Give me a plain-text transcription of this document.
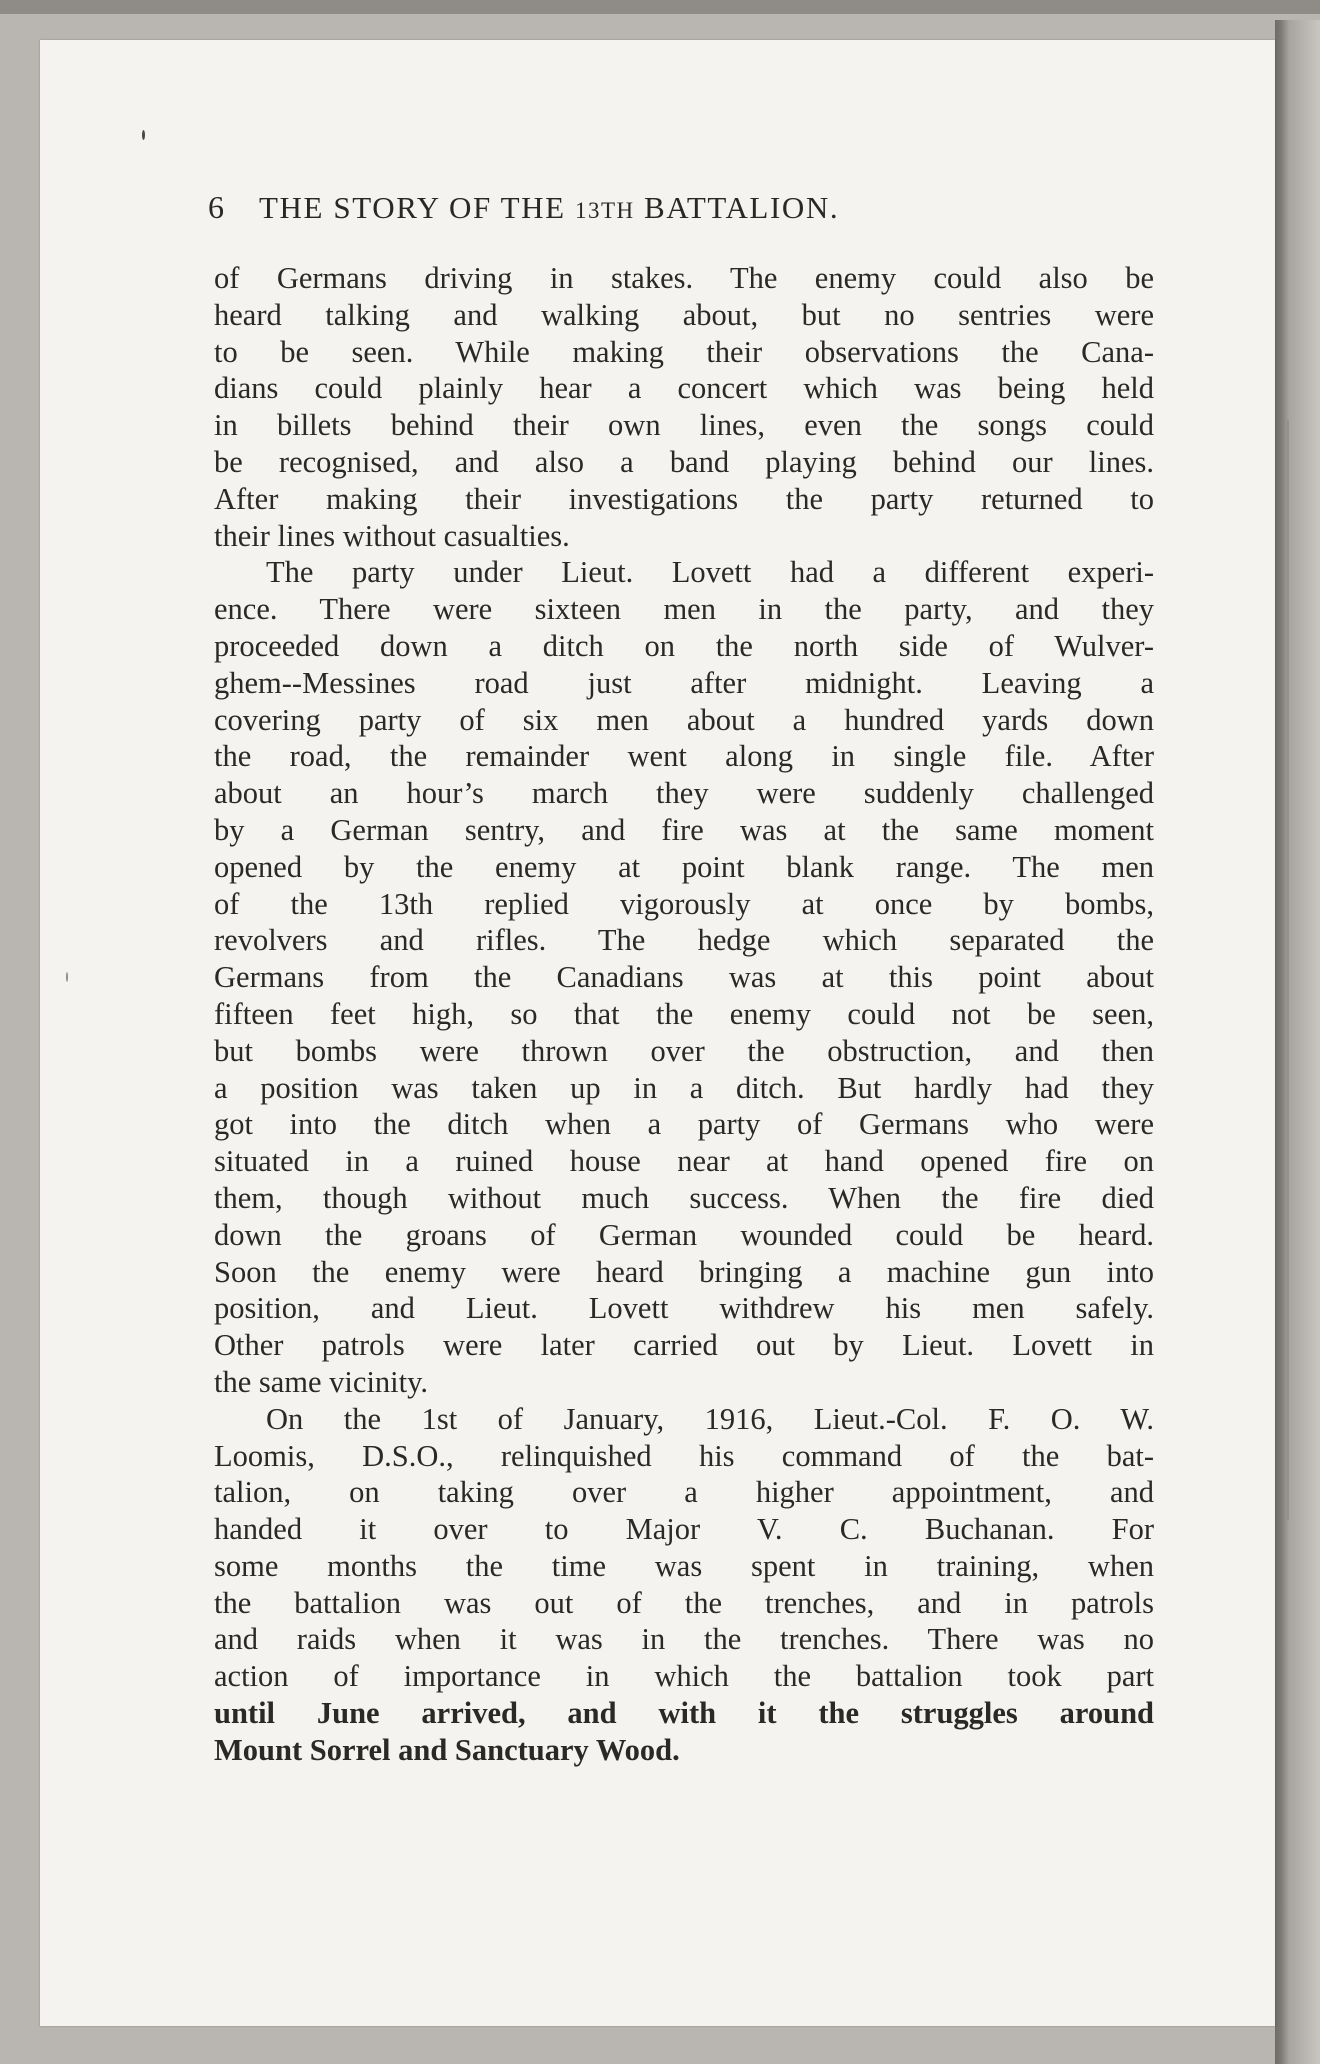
6 THE STORY OF THE 13TH BATTALION.

of Germans driving in stakes. The enemy could also be
heard talking and walking about, but no sentries were
to be seen. While making their observations the Cana-
dians could plainly hear a concert which was being held
in billets behind their own lines, even the songs could
be recognised, and also a band playing behind our lines.
After making their investigations the party returned to
their lines without casualties.

The party under Lieut. Lovett had a different experi-
ence. There were sixteen men in the party, and they
proceeded down a ditch on the north side of Wulver-
ghem--Messines road just after midnight. Leaving a
covering party of six men about a hundred yards down
the road, the remainder went along in single file. After
about an hour’s march they were suddenly challenged
by a German sentry, and fire was at the same moment
opened by the enemy at point blank range. The men
of the 13th replied vigorously at once by bombs,
revolvers and rifles. The hedge which separated the
Germans from the Canadians was at this point about
fifteen feet high, so that the enemy could not be seen,
but bombs were thrown over the obstruction, and then
a position was taken up in a ditch. But hardly had they
got into the ditch when a party of Germans who were
situated in a ruined house near at hand opened fire on
them, though without much success. When the fire died
down the groans of German wounded could be heard.
Soon the enemy were heard bringing a machine gun into
position, and Lieut. Lovett withdrew his men safely.
Other patrols were later carried out by Lieut. Lovett in
the same vicinity.

On the 1st of January, 1916, Lieut.-Col. F. O. W.
Loomis, D.S.O., relinquished his command of the bat-
talion, on taking over a higher appointment, and
handed it over to Major V. C. Buchanan. For
some months the time was spent in training, when
the battalion was out of the trenches, and in patrols
and raids when it was in the trenches. There was no
action of importance in which the battalion took part
until June arrived, and with it the struggles around
Mount Sorrel and Sanctuary Wood.
